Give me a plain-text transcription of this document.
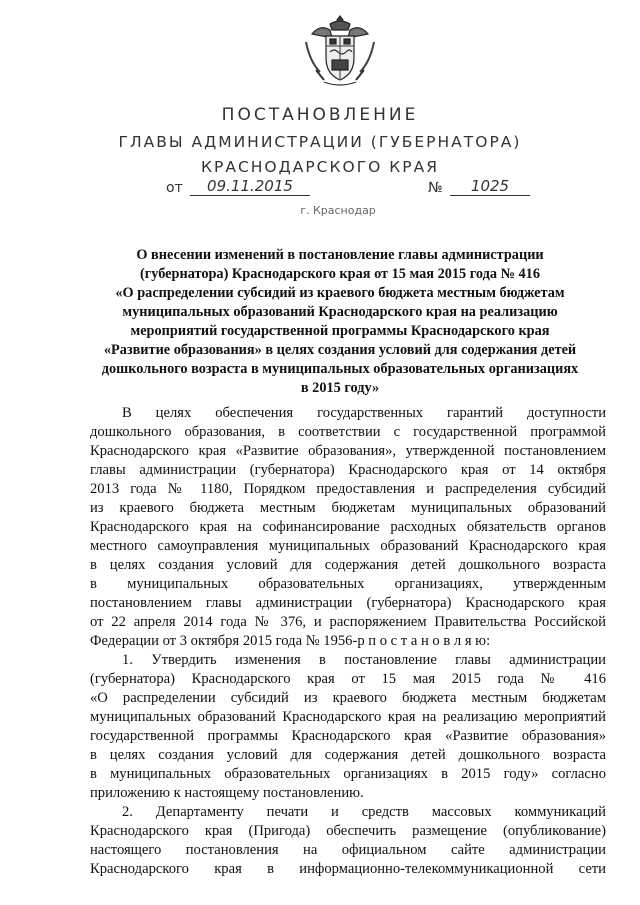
ПОСТАНОВЛЕНИЕ
ГЛАВЫ АДМИНИСТРАЦИИ (ГУБЕРНАТОРА)
КРАСНОДАРСКОГО КРАЯ
от	09.11.2015	№	1025
г. Краснодар
О внесении изменений в постановление главы администрации
(губернатора) Краснодарского края от 15 мая 2015 года № 416
«О распределении субсидий из краевого бюджета местным бюджетам
муниципальных образований Краснодарского края на реализацию
мероприятий государственной программы Краснодарского края
«Развитие образования» в целях создания условий для содержания детей
дошкольного возраста в муниципальных образовательных организациях
в 2015 году»
В целях обеспечения государственных гарантий доступности
дошкольного образования, в соответствии с государственной программой
Краснодарского края «Развитие образования», утвержденной постановлением
главы администрации (губернатора) Краснодарского края от 14 октября
2013 года № 1180, Порядком предоставления и распределения субсидий
из краевого бюджета местным бюджетам муниципальных образований
Краснодарского края на софинансирование расходных обязательств органов
местного самоуправления муниципальных образований Краснодарского края
в целях создания условий для содержания детей дошкольного возраста
в муниципальных образовательных организациях, утвержденным
постановлением главы администрации (губернатора) Краснодарского края
от 22 апреля 2014 года № 376, и распоряжением Правительства Российской
Федерации от 3 октября 2015 года № 1956-р п о с т а н о в л я ю:
1. Утвердить изменения в постановление главы администрации
(губернатора) Краснодарского края от 15 мая 2015 года № 416
«О распределении субсидий из краевого бюджета местным бюджетам
муниципальных образований Краснодарского края на реализацию мероприятий
государственной программы Краснодарского края «Развитие образования»
в целях создания условий для содержания детей дошкольного возраста
в муниципальных образовательных организациях в 2015 году» согласно
приложению к настоящему постановлению.
2. Департаменту печати и средств массовых коммуникаций
Краснодарского края (Пригода) обеспечить размещение (опубликование)
настоящего постановления на официальном сайте администрации
Краснодарского края в информационно-телекоммуникационной сети
